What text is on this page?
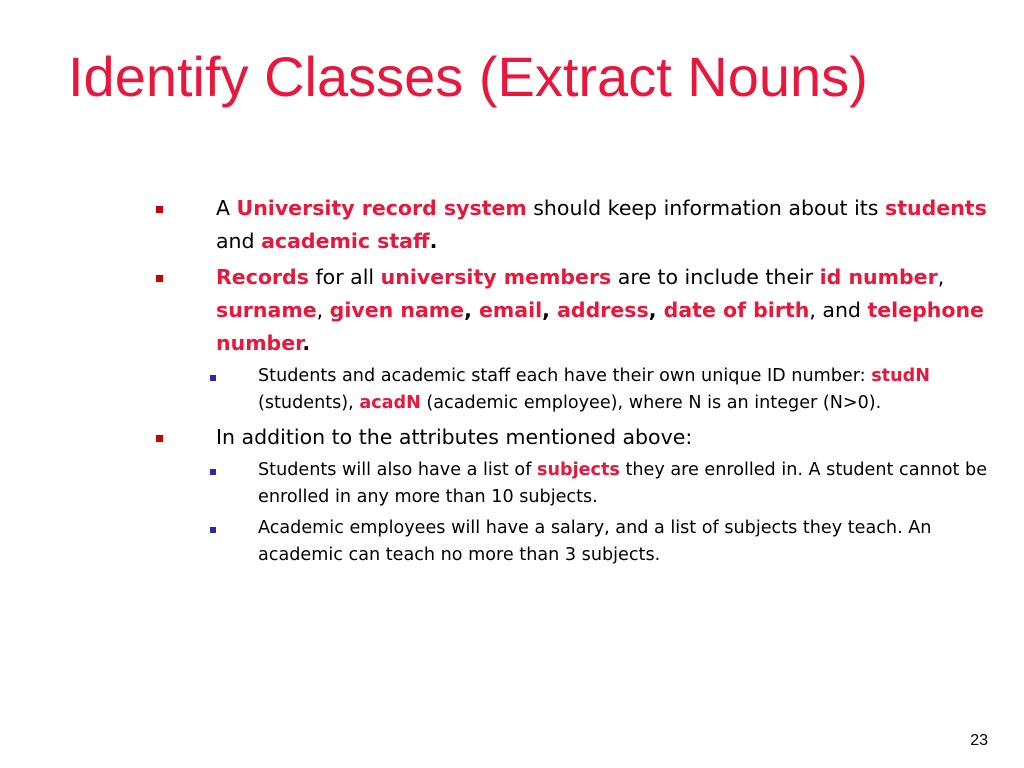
Identify Classes (Extract Nouns)

A University record system should keep information about its students and academic staff.

Records for all university members are to include their id number, surname, given name, email, address, date of birth, and telephone number.

Students and academic staff each have their own unique ID number: studN (students), acadN (academic employee), where N is an integer (N>0).

In addition to the attributes mentioned above:

Students will also have a list of subjects they are enrolled in. A student cannot be enrolled in any more than 10 subjects.

Academic employees will have a salary, and a list of subjects they teach. An academic can teach no more than 3 subjects.

23
